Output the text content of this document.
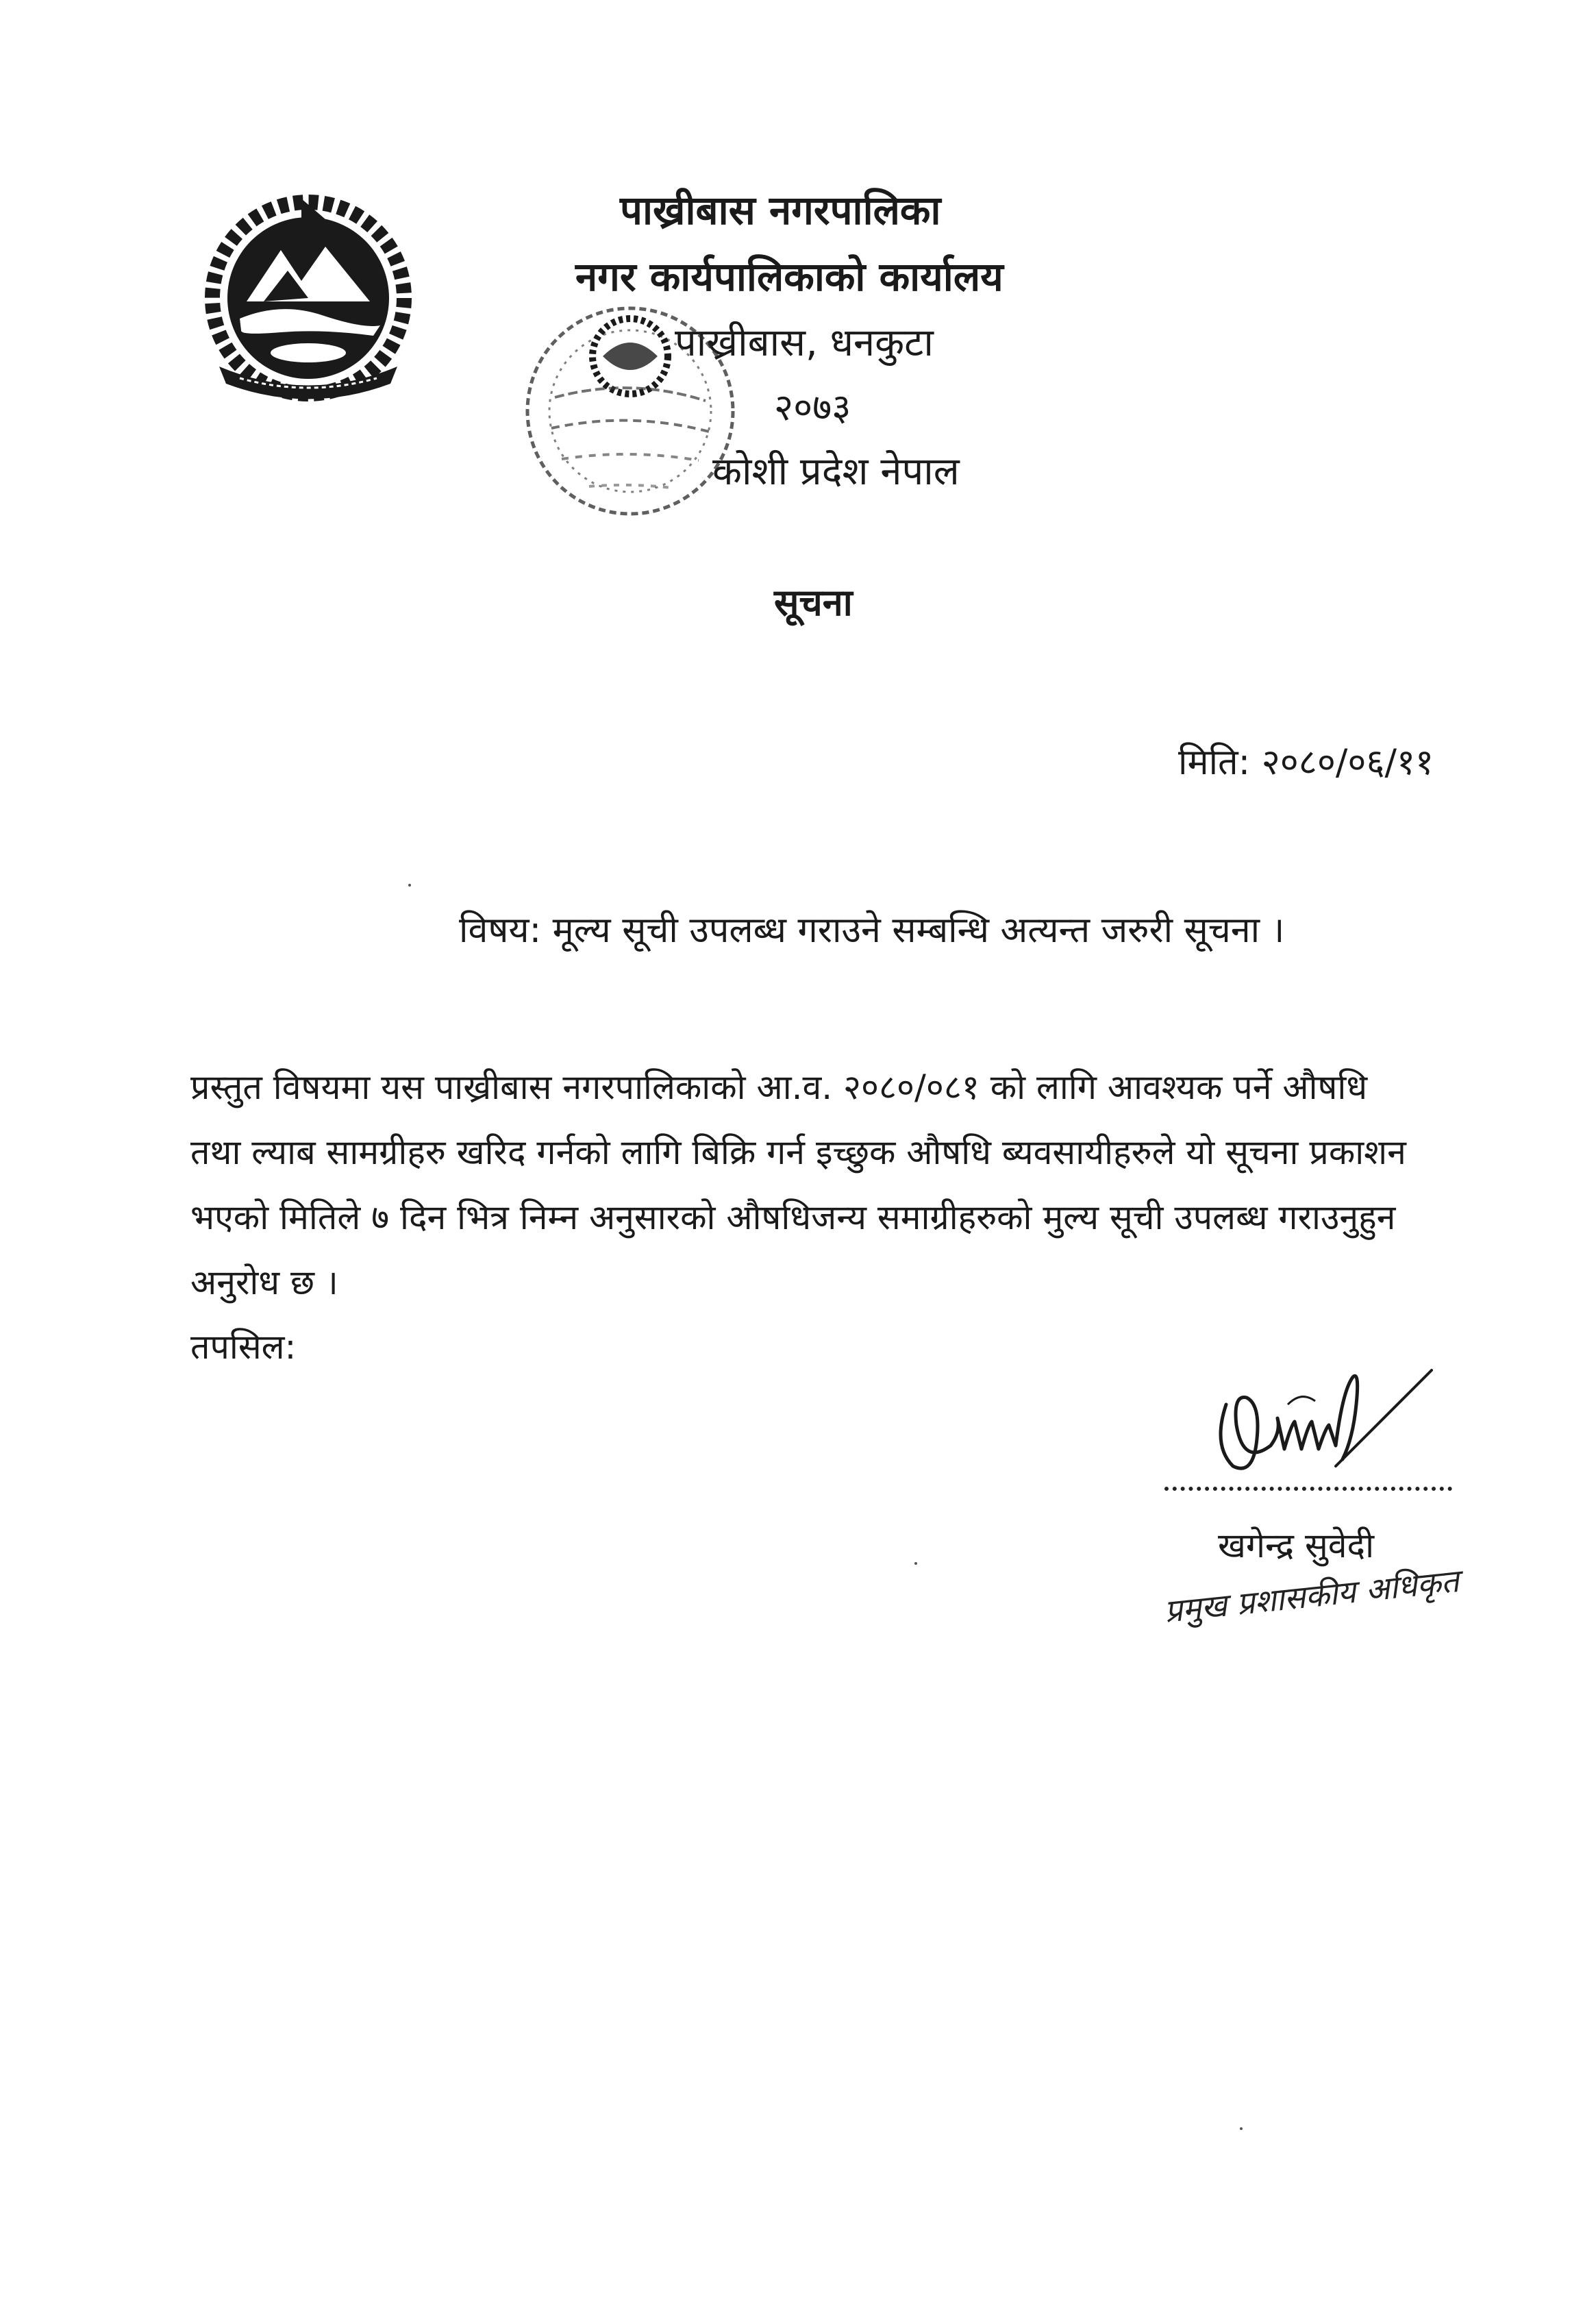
पाख्रीबास नगरपालिका
नगर कार्यपालिकाको कार्यालय
पाख्रीबास, धनकुटा
२०७३
कोशी प्रदेश नेपाल
सूचना
मिति: २०८०/०६/११
विषय: मूल्य सूची उपलब्ध गराउने सम्बन्धि अत्यन्त जरुरी सूचना ।
प्रस्तुत विषयमा यस पाख्रीबास नगरपालिकाको आ.व. २०८०/०८१ को लागि आवश्यक पर्ने औषधि
तथा ल्याब सामग्रीहरु खरिद गर्नको लागि बिक्रि गर्न इच्छुक औषधि ब्यवसायीहरुले यो सूचना प्रकाशन
भएको मितिले ७ दिन भित्र निम्न अनुसारको औषधिजन्य समाग्रीहरुको मुल्य सूची उपलब्ध गराउनुहुन
अनुरोध छ ।
तपसिल:
खगेन्द्र सुवेदी
प्रमुख प्रशासकीय अधिकृत
